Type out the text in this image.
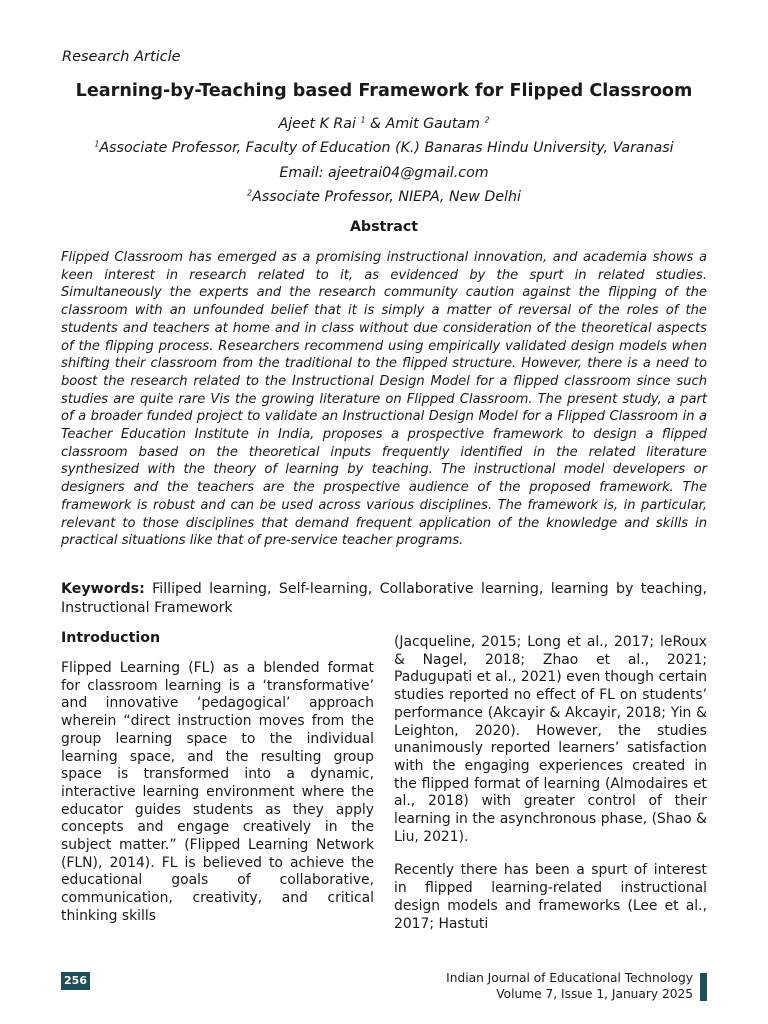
Research Article
Learning-by-Teaching based Framework for Flipped Classroom
Ajeet K Rai $^1$ & Amit Gautam $^2$
$^1$Associate Professor, Faculty of Education (K.) Banaras Hindu University, Varanasi
Email: ajeetrai04@gmail.com
$^2$Associate Professor, NIEPA, New Delhi
Abstract

Flipped Classroom has emerged as a promising instructional innovation, and academia shows a keen interest in research related to it, as evidenced by the spurt in related studies. Simultaneously the experts and the research community caution against the flipping of the classroom with an unfounded belief that it is simply a matter of reversal of the roles of the students and teachers at home and in class without due consideration of the theoretical aspects of the flipping process. Researchers recommend using empirically validated design models when shifting their classroom from the traditional to the flipped structure. However, there is a need to boost the research related to the Instructional Design Model for a flipped classroom since such studies are quite rare Vis the growing literature on Flipped Classroom. The present study, a part of a broader funded project to validate an Instructional Design Model for a Flipped Classroom in a Teacher Education Institute in India, proposes a prospective framework to design a flipped classroom based on the theoretical inputs frequently identified in the related literature synthesized with the theory of learning by teaching. The instructional model developers or designers and the teachers are the prospective audience of the proposed framework. The framework is robust and can be used across various disciplines. The framework is, in particular, relevant to those disciplines that demand frequent application of the knowledge and skills in practical situations like that of pre-service teacher programs.

Keywords: Filliped learning, Self-learning, Collaborative learning, learning by teaching, Instructional Framework

Introduction

Flipped Learning (FL) as a blended format for classroom learning is a ‘transformative’ and innovative ‘pedagogical’ approach wherein “direct instruction moves from the group learning space to the individual learning space, and the resulting group space is transformed into a dynamic, interactive learning environment where the educator guides students as they apply concepts and engage creatively in the subject matter.” (Flipped Learning Network (FLN), 2014). FL is believed to achieve the educational goals of collaborative, communication, creativity, and critical thinking skills

(Jacqueline, 2015; Long et al., 2017; leRoux & Nagel, 2018; Zhao et al., 2021; Padugupati et al., 2021) even though certain studies reported no effect of FL on students’ performance (Akcayir & Akcayir, 2018; Yin & Leighton, 2020). However, the studies unanimously reported learners’ satisfaction with the engaging experiences created in the flipped format of learning (Almodaires et al., 2018) with greater control of their learning in the asynchronous phase, (Shao & Liu, 2021).

Recently there has been a spurt of interest in flipped learning-related instructional design models and frameworks (Lee et al., 2017; Hastuti

256	Indian Journal of Educational Technology
Volume 7, Issue 1, January 2025
